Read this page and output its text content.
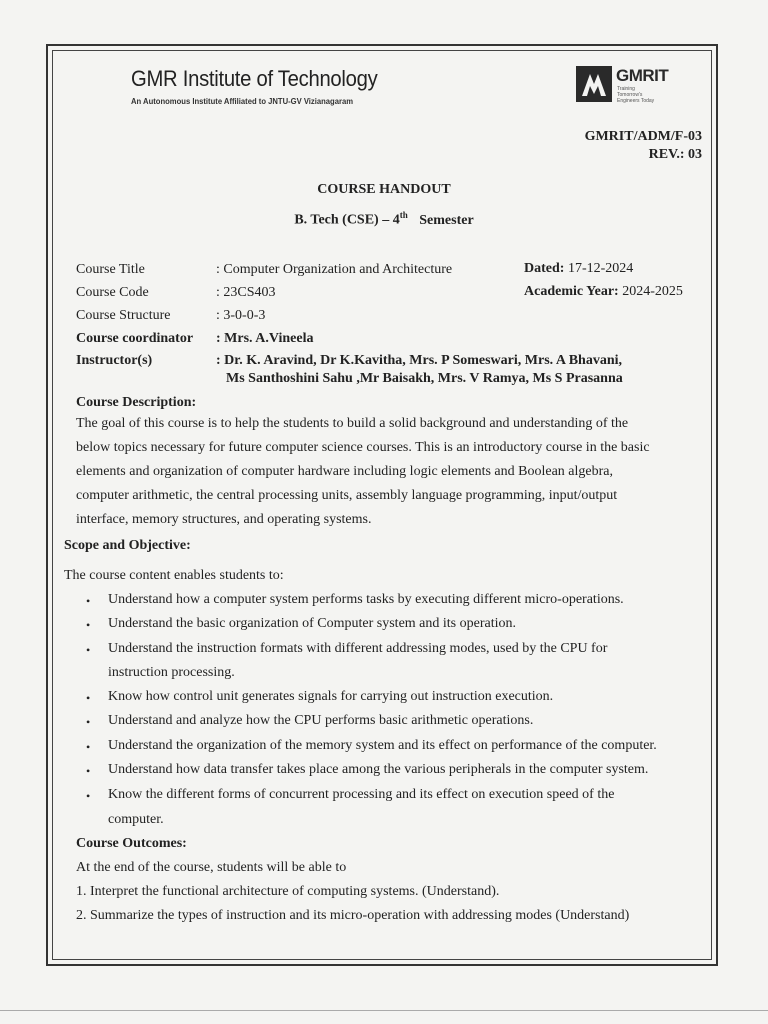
GMR Institute of Technology
An Autonomous Institute Affiliated to JNTU-GV Vizianagaram
GMRIT
Training Tomorrow's Engineers Today
GMRIT/ADM/F-03
REV.: 03
COURSE HANDOUT
B. Tech (CSE) – 4th Semester
Course Title	: Computer Organization and Architecture	Dated: 17-12-2024
Course Code	: 23CS403	Academic Year: 2024-2025
Course Structure	: 3-0-0-3
Course coordinator : Mrs. A.Vineela
Instructor(s)	: Dr. K. Aravind, Dr K.Kavitha, Mrs. P Someswari, Mrs. A Bhavani,
Ms Santhoshini Sahu ,Mr Baisakh, Mrs. V Ramya, Ms S Prasanna
Course Description:
The goal of this course is to help the students to build a solid background and understanding of the
below topics necessary for future computer science courses. This is an introductory course in the basic
elements and organization of computer hardware including logic elements and Boolean algebra,
computer arithmetic, the central processing units, assembly language programming, input/output
interface, memory structures, and operating systems.
Scope and Objective:
The course content enables students to:
• Understand how a computer system performs tasks by executing different micro-operations.
• Understand the basic organization of Computer system and its operation.
• Understand the instruction formats with different addressing modes, used by the CPU for
instruction processing.
• Know how control unit generates signals for carrying out instruction execution.
• Understand and analyze how the CPU performs basic arithmetic operations.
• Understand the organization of the memory system and its effect on performance of the computer.
• Understand how data transfer takes place among the various peripherals in the computer system.
• Know the different forms of concurrent processing and its effect on execution speed of the
computer.
Course Outcomes:
At the end of the course, students will be able to
1. Interpret the functional architecture of computing systems. (Understand).
2. Summarize the types of instruction and its micro-operation with addressing modes (Understand)
